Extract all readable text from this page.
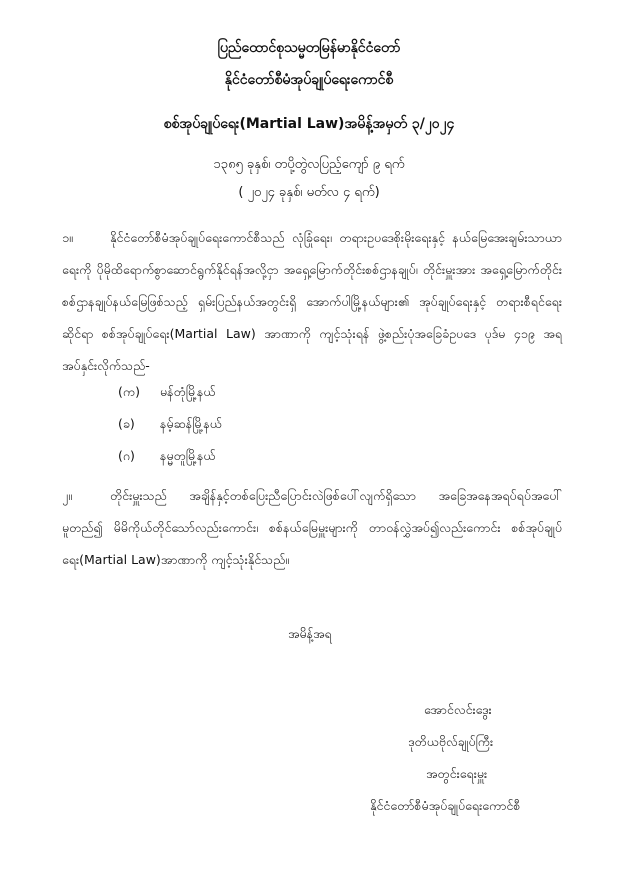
ပြည်ထောင်စုသမ္မတမြန်မာနိုင်ငံတော်
နိုင်ငံတော်စီမံအုပ်ချုပ်ရေးကောင်စီ
စစ်အုပ်ချုပ်ရေး(Martial Law)အမိန့်အမှတ် ၃/၂၀၂၄
၁၃၈၅ ခုနှစ်၊ တပို့တွဲလပြည့်ကျော် ၉ ရက်
( ၂၀၂၄ ခုနှစ်၊ မတ်လ ၄ ရက်)
၁။	နိုင်ငံတော်စီမံအုပ်ချုပ်ရေးကောင်စီသည် လုံခြုံရေး၊ တရားဥပဒေစိုးမိုးရေးနှင့် နယ်မြေအေးချမ်းသာယာရေးကို ပိုမိုထိရောက်စွာဆောင်ရွက်နိုင်ရန်အလို့ငှာ အရှေ့မြောက်တိုင်းစစ်ဌာနချုပ်၊ တိုင်းမှူးအား အရှေ့မြောက်တိုင်းစစ်ဌာနချုပ်နယ်မြေဖြစ်သည့် ရှမ်းပြည်နယ်အတွင်းရှိ အောက်ပါမြို့နယ်များ၏ အုပ်ချုပ်ရေးနှင့် တရားစီရင်ရေးဆိုင်ရာ စစ်အုပ်ချုပ်ရေး(Martial Law) အာဏာကို ကျင့်သုံးရန် ဖွဲ့စည်းပုံအခြေခံဥပဒေ ပုဒ်မ ၄၁၉ အရ အပ်နှင်းလိုက်သည်-
(က) မန်တုံမြို့နယ်
(ခ) နမ့်ဆန်မြို့နယ်
(ဂ) နမ္မတူမြို့နယ်
၂။	တိုင်းမှူးသည် အချိန်နှင့်တစ်ပြေးညီပြောင်းလဲဖြစ်ပေါ်လျက်ရှိသော အခြေအနေအရပ်ရပ်အပေါ်မူတည်၍ မိမိကိုယ်တိုင်သော်လည်းကောင်း၊ စစ်နယ်မြေမှူးများကို တာဝန်လွှဲအပ်၍လည်းကောင်း စစ်အုပ်ချုပ်ရေး(Martial Law)အာဏာကို ကျင့်သုံးနိုင်သည်။
အမိန့်အရ
အောင်လင်းဒွေး
ဒုတိယဗိုလ်ချုပ်ကြီး
အတွင်းရေးမှူး
နိုင်ငံတော်စီမံအုပ်ချုပ်ရေးကောင်စီ
